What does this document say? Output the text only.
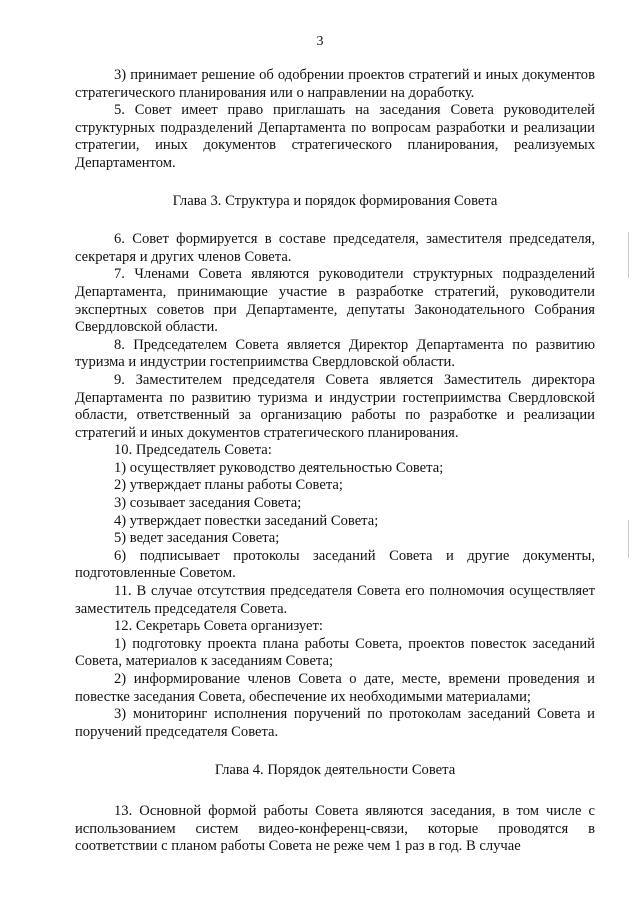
3

3) принимает решение об одобрении проектов стратегий и иных документов стратегического планирования или о направлении на доработку.

5. Совет имеет право приглашать на заседания Совета руководителей структурных подразделений Департамента по вопросам разработки и реализации стратегии, иных документов стратегического планирования, реализуемых Департаментом.

Глава 3. Структура и порядок формирования Совета

6. Совет формируется в составе председателя, заместителя председателя, секретаря и других членов Совета.

7. Членами Совета являются руководители структурных подразделений Департамента, принимающие участие в разработке стратегий, руководители экспертных советов при Департаменте, депутаты Законодательного Собрания Свердловской области.

8. Председателем Совета является Директор Департамента по развитию туризма и индустрии гостеприимства Свердловской области.

9. Заместителем председателя Совета является Заместитель директора Департамента по развитию туризма и индустрии гостеприимства Свердловской области, ответственный за организацию работы по разработке и реализации стратегий и иных документов стратегического планирования.

10. Председатель Совета:

1) осуществляет руководство деятельностью Совета;

2) утверждает планы работы Совета;

3) созывает заседания Совета;

4) утверждает повестки заседаний Совета;

5) ведет заседания Совета;

6) подписывает протоколы заседаний Совета и другие документы, подготовленные Советом.

11. В случае отсутствия председателя Совета его полномочия осуществляет заместитель председателя Совета.

12. Секретарь Совета организует:

1) подготовку проекта плана работы Совета, проектов повесток заседаний Совета, материалов к заседаниям Совета;

2) информирование членов Совета о дате, месте, времени проведения и повестке заседания Совета, обеспечение их необходимыми материалами;

3) мониторинг исполнения поручений по протоколам заседаний Совета и поручений председателя Совета.

Глава 4. Порядок деятельности Совета

13. Основной формой работы Совета являются заседания, в том числе с использованием систем видео-конференц-связи, которые проводятся в соответствии с планом работы Совета не реже чем 1 раз в год. В случае
